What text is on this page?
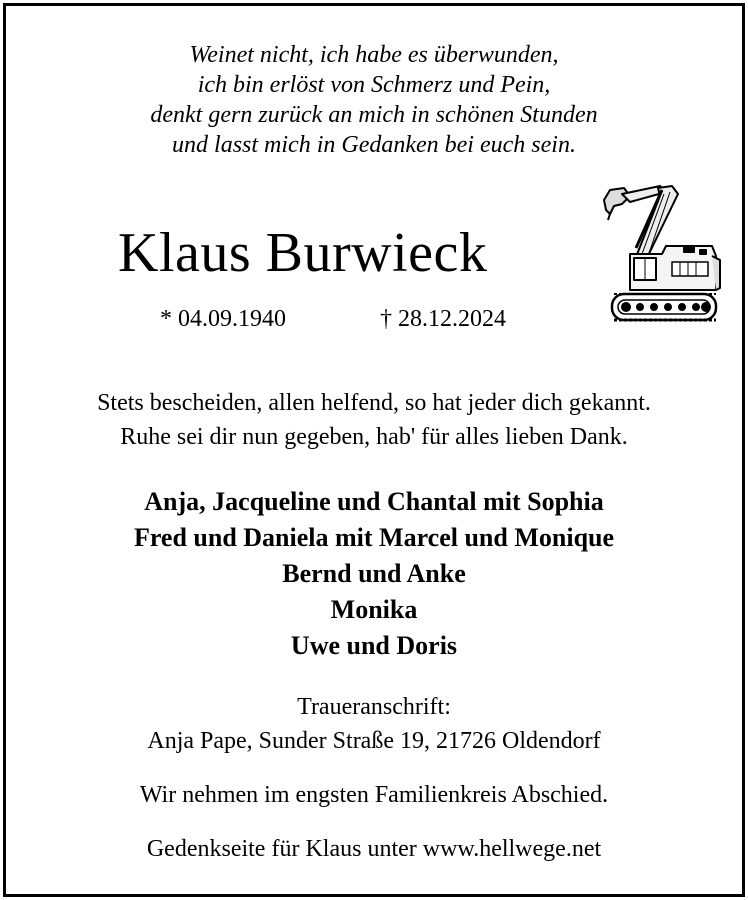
Weinet nicht, ich habe es überwunden,
ich bin erlöst von Schmerz und Pein,
denkt gern zurück an mich in schönen Stunden
und lasst mich in Gedanken bei euch sein.
Klaus Burwieck
* 04.09.1940	† 28.12.2024
Stets bescheiden, allen helfend, so hat jeder dich gekannt.
Ruhe sei dir nun gegeben, hab' für alles lieben Dank.
Anja, Jacqueline und Chantal mit Sophia
Fred und Daniela mit Marcel und Monique
Bernd und Anke
Monika
Uwe und Doris
Traueranschrift:
Anja Pape, Sunder Straße 19, 21726 Oldendorf
Wir nehmen im engsten Familienkreis Abschied.
Gedenkseite für Klaus unter www.hellwege.net
